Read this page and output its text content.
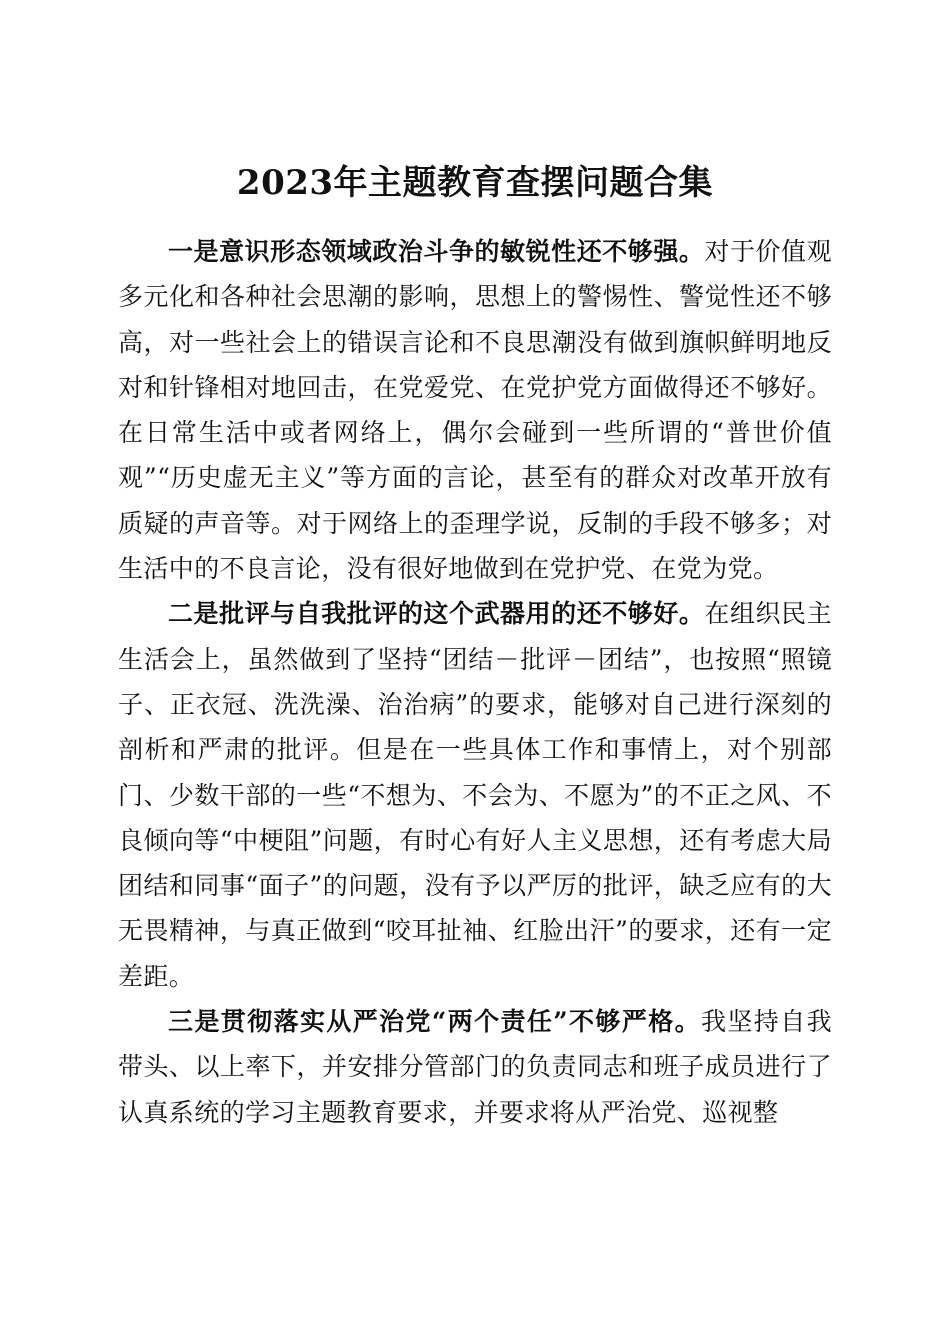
2023年主题教育查摆问题合集

一是意识形态领域政治斗争的敏锐性还不够强。对于价值观多元化和各种社会思潮的影响，思想上的警惕性、警觉性还不够高，对一些社会上的错误言论和不良思潮没有做到旗帜鲜明地反对和针锋相对地回击，在党爱党、在党护党方面做得还不够好。在日常生活中或者网络上，偶尔会碰到一些所谓的“普世价值观”“历史虚无主义”等方面的言论，甚至有的群众对改革开放有质疑的声音等。对于网络上的歪理学说，反制的手段不够多；对生活中的不良言论，没有很好地做到在党护党、在党为党。

二是批评与自我批评的这个武器用的还不够好。在组织民主生活会上，虽然做到了坚持“团结－批评－团结”，也按照“照镜子、正衣冠、洗洗澡、治治病”的要求，能够对自己进行深刻的剖析和严肃的批评。但是在一些具体工作和事情上，对个别部门、少数干部的一些“不想为、不会为、不愿为”的不正之风、不良倾向等“中梗阻”问题，有时心有好人主义思想，还有考虑大局团结和同事“面子”的问题，没有予以严厉的批评，缺乏应有的大无畏精神，与真正做到“咬耳扯袖、红脸出汗”的要求，还有一定差距。

三是贯彻落实从严治党“两个责任”不够严格。我坚持自我带头、以上率下，并安排分管部门的负责同志和班子成员进行了认真系统的学习主题教育要求，并要求将从严治党、巡视整
